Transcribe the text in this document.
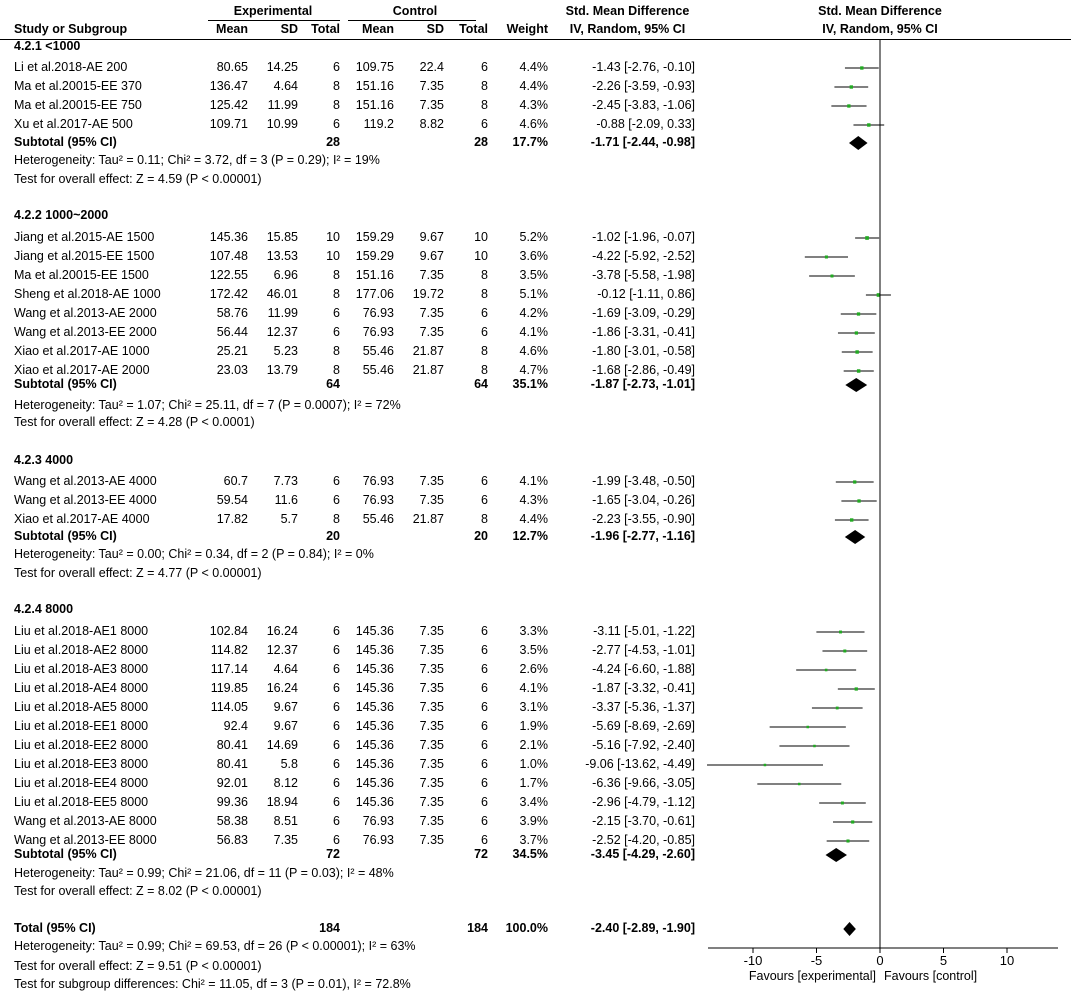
Experimental	Control	Std. Mean Difference	Std. Mean Difference
Study or Subgroup	Mean	SD	Total	Mean	SD	Total	Weight	IV, Random, 95% CI	IV, Random, 95% CI
4.2.1 <1000
Li et al.2018-AE 200	80.65	14.25	6	109.75	22.4	6	4.4%	-1.43 [-2.76, -0.10]
Ma et al.20015-EE 370	136.47	4.64	8	151.16	7.35	8	4.4%	-2.26 [-3.59, -0.93]
Ma et al.20015-EE 750	125.42	11.99	8	151.16	7.35	8	4.3%	-2.45 [-3.83, -1.06]
Xu et al.2017-AE 500	109.71	10.99	6	119.2	8.82	6	4.6%	-0.88 [-2.09, 0.33]
Subtotal (95% CI)	28	28	17.7%	-1.71 [-2.44, -0.98]
Heterogeneity: Tau² = 0.11; Chi² = 3.72, df = 3 (P = 0.29); I² = 19%
Test for overall effect: Z = 4.59 (P < 0.00001)
4.2.2 1000~2000
Jiang et al.2015-AE 1500	145.36	15.85	10	159.29	9.67	10	5.2%	-1.02 [-1.96, -0.07]
Jiang et al.2015-EE 1500	107.48	13.53	10	159.29	9.67	10	3.6%	-4.22 [-5.92, -2.52]
Ma et al.20015-EE 1500	122.55	6.96	8	151.16	7.35	8	3.5%	-3.78 [-5.58, -1.98]
Sheng et al.2018-AE 1000	172.42	46.01	8	177.06	19.72	8	5.1%	-0.12 [-1.11, 0.86]
Wang et al.2013-AE 2000	58.76	11.99	6	76.93	7.35	6	4.2%	-1.69 [-3.09, -0.29]
Wang et al.2013-EE 2000	56.44	12.37	6	76.93	7.35	6	4.1%	-1.86 [-3.31, -0.41]
Xiao et al.2017-AE 1000	25.21	5.23	8	55.46	21.87	8	4.6%	-1.80 [-3.01, -0.58]
Xiao et al.2017-AE 2000	23.03	13.79	8	55.46	21.87	8	4.7%	-1.68 [-2.86, -0.49]
Subtotal (95% CI)	64	64	35.1%	-1.87 [-2.73, -1.01]
Heterogeneity: Tau² = 1.07; Chi² = 25.11, df = 7 (P = 0.0007); I² = 72%
Test for overall effect: Z = 4.28 (P < 0.0001)
4.2.3 4000
Wang et al.2013-AE 4000	60.7	7.73	6	76.93	7.35	6	4.1%	-1.99 [-3.48, -0.50]
Wang et al.2013-EE 4000	59.54	11.6	6	76.93	7.35	6	4.3%	-1.65 [-3.04, -0.26]
Xiao et al.2017-AE 4000	17.82	5.7	8	55.46	21.87	8	4.4%	-2.23 [-3.55, -0.90]
Subtotal (95% CI)	20	20	12.7%	-1.96 [-2.77, -1.16]
Heterogeneity: Tau² = 0.00; Chi² = 0.34, df = 2 (P = 0.84); I² = 0%
Test for overall effect: Z = 4.77 (P < 0.00001)
4.2.4 8000
Liu et al.2018-AE1 8000	102.84	16.24	6	145.36	7.35	6	3.3%	-3.11 [-5.01, -1.22]
Liu et al.2018-AE2 8000	114.82	12.37	6	145.36	7.35	6	3.5%	-2.77 [-4.53, -1.01]
Liu et al.2018-AE3 8000	117.14	4.64	6	145.36	7.35	6	2.6%	-4.24 [-6.60, -1.88]
Liu et al.2018-AE4 8000	119.85	16.24	6	145.36	7.35	6	4.1%	-1.87 [-3.32, -0.41]
Liu et al.2018-AE5 8000	114.05	9.67	6	145.36	7.35	6	3.1%	-3.37 [-5.36, -1.37]
Liu et al.2018-EE1 8000	92.4	9.67	6	145.36	7.35	6	1.9%	-5.69 [-8.69, -2.69]
Liu et al.2018-EE2 8000	80.41	14.69	6	145.36	7.35	6	2.1%	-5.16 [-7.92, -2.40]
Liu et al.2018-EE3 8000	80.41	5.8	6	145.36	7.35	6	1.0%	-9.06 [-13.62, -4.49]
Liu et al.2018-EE4 8000	92.01	8.12	6	145.36	7.35	6	1.7%	-6.36 [-9.66, -3.05]
Liu et al.2018-EE5 8000	99.36	18.94	6	145.36	7.35	6	3.4%	-2.96 [-4.79, -1.12]
Wang et al.2013-AE 8000	58.38	8.51	6	76.93	7.35	6	3.9%	-2.15 [-3.70, -0.61]
Wang et al.2013-EE 8000	56.83	7.35	6	76.93	7.35	6	3.7%	-2.52 [-4.20, -0.85]
Subtotal (95% CI)	72	72	34.5%	-3.45 [-4.29, -2.60]
Heterogeneity: Tau² = 0.99; Chi² = 21.06, df = 11 (P = 0.03); I² = 48%
Test for overall effect: Z = 8.02 (P < 0.00001)
Total (95% CI)	184	184	100.0%	-2.40 [-2.89, -1.90]
Heterogeneity: Tau² = 0.99; Chi² = 69.53, df = 26 (P < 0.00001); I² = 63%
Test for overall effect: Z = 9.51 (P < 0.00001)
Test for subgroup differences: Chi² = 11.05, df = 3 (P = 0.01), I² = 72.8%
-10	-5	0	5	10
Favours [experimental] Favours [control]
